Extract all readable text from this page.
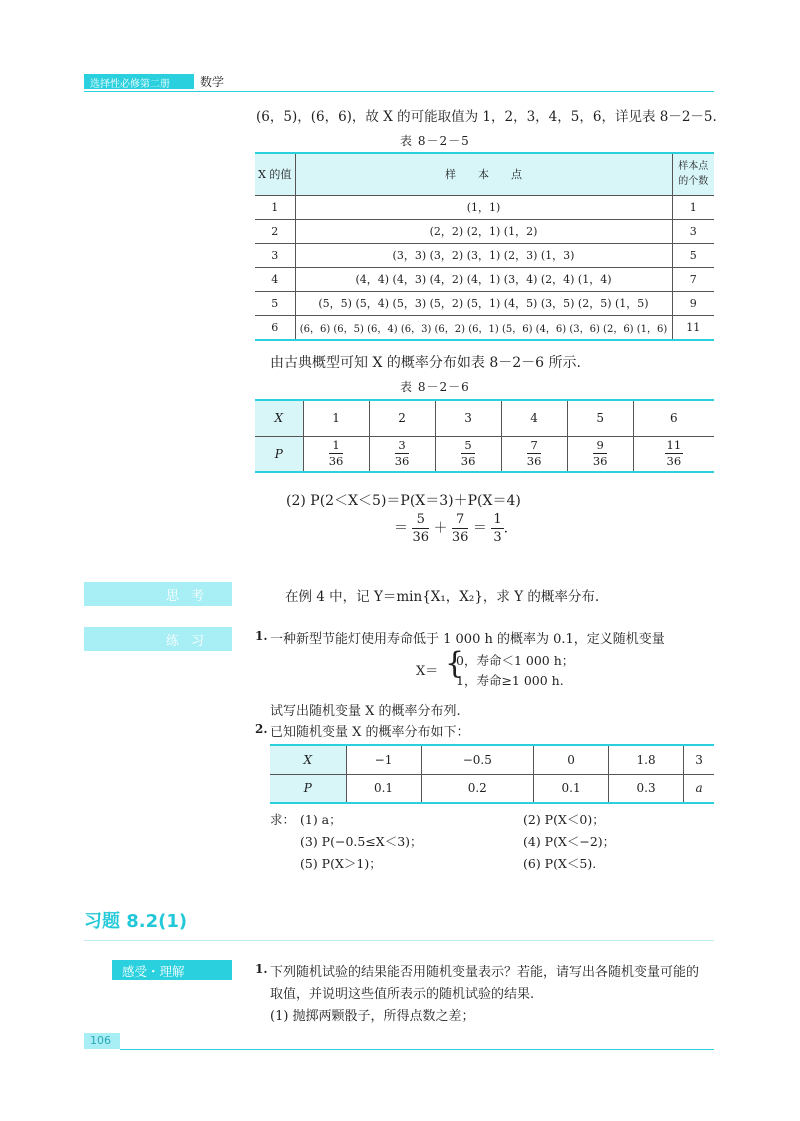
选择性必修第二册	数学
(6，5)，(6，6)，故 X 的可能取值为 1，2，3，4，5，6，详见表 8－2－5.
表 8－2－5
X 的值	样　　本　　点	样本点
的个数
1	(1，1)	1
2	(2，2) (2，1) (1，2)	3
3	(3，3) (3，2) (3，1) (2，3) (1，3)	5
4	(4，4) (4，3) (4，2) (4，1) (3，4) (2，4) (1，4)	7
5	(5，5) (5，4) (5，3) (5，2) (5，1) (4，5) (3，5) (2，5) (1，5)	9
6	(6，6) (6，5) (6，4) (6，3) (6，2) (6，1) (5，6) (4，6) (3，6) (2，6) (1，6)	11
由古典概型可知 X 的概率分布如表 8－2－6 所示.
表 8－2－6
X	1	2	3	4	5	6
P	$\frac{1}{36}$	$\frac{3}{36}$	$\frac{5}{36}$	$\frac{7}{36}$	$\frac{9}{36}$	$\frac{11}{36}$
(2) P(2＜X＜5)＝P(X＝3)＋P(X＝4)
＝ $\frac{5}{36} + \frac{7}{36} = \frac{1}{3}$ .
思考	在例 4 中，记 Y＝min{X₁，X₂}，求 Y 的概率分布.
练习	1. 一种新型节能灯使用寿命低于 1 000 h 的概率为 0.1，定义随机变量
X＝ {
0，寿命＜1 000 h；
1，寿命≥1 000 h.
试写出随机变量 X 的概率分布列.
2. 已知随机变量 X 的概率分布如下：
X	−1	−0.5	0	1.8	3
P	0.1	0.2	0.1	0.3	a
求： (1) a；	(2) P(X＜0)；
(3) P(−0.5≤X＜3)；	(4) P(X＜−2)；
(5) P(X＞1)；	(6) P(X＜5).
习题 8.2(1)
感受・理解	1. 下列随机试验的结果能否用随机变量表示？若能，请写出各随机变量可能的
取值，并说明这些值所表示的随机试验的结果.
(1) 抛掷两颗骰子，所得点数之差；
106
